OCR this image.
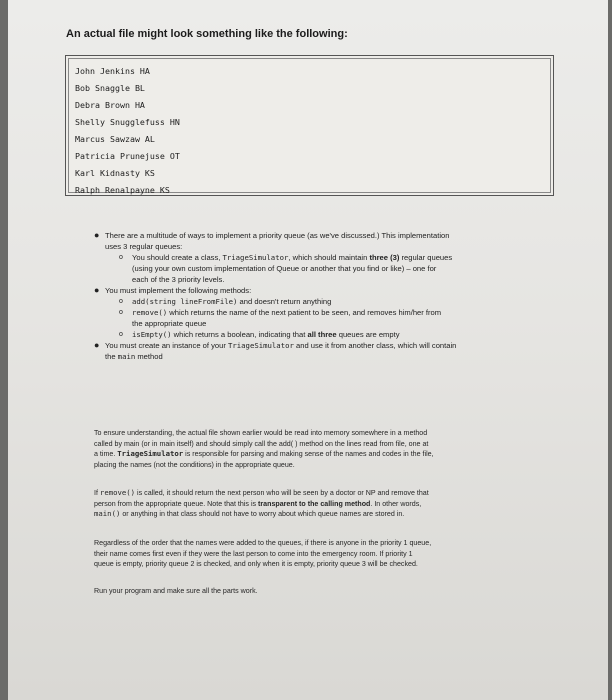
An actual file might look something like the following:
John Jenkins HA
Bob Snaggle BL
Debra Brown HA
Shelly Snugglefuss HN
Marcus Sawzaw AL
Patricia Prunejuse OT
Karl Kidnasty KS
Ralph Renalpayne KS
● There are a multitude of ways to implement a priority queue (as we've discussed.) This implementation
uses 3 regular queues:
o You should create a class, TriageSimulator, which should maintain three (3) regular queues
(using your own custom implementation of Queue or another that you find or like) – one for
each of the 3 priority levels.
● You must implement the following methods:
o add(string lineFromFile) and doesn't return anything
o remove() which returns the name of the next patient to be seen, and removes him/her from
the appropriate queue
o isEmpty() which returns a boolean, indicating that all three queues are empty
● You must create an instance of your TriageSimulator and use it from another class, which will contain
the main method
To ensure understanding, the actual file shown earlier would be read into memory somewhere in a method
called by main (or in main itself) and should simply call the add( ) method on the lines read from file, one at
a time. TriageSimulator is responsible for parsing and making sense of the names and codes in the file,
placing the names (not the conditions) in the appropriate queue.
If remove() is called, it should return the next person who will be seen by a doctor or NP and remove that
person from the appropriate queue. Note that this is transparent to the calling method. In other words,
main() or anything in that class should not have to worry about which queue names are stored in.
Regardless of the order that the names were added to the queues, if there is anyone in the priority 1 queue,
their name comes first even if they were the last person to come into the emergency room. If priority 1
queue is empty, priority queue 2 is checked, and only when it is empty, priority queue 3 will be checked.
Run your program and make sure all the parts work.
